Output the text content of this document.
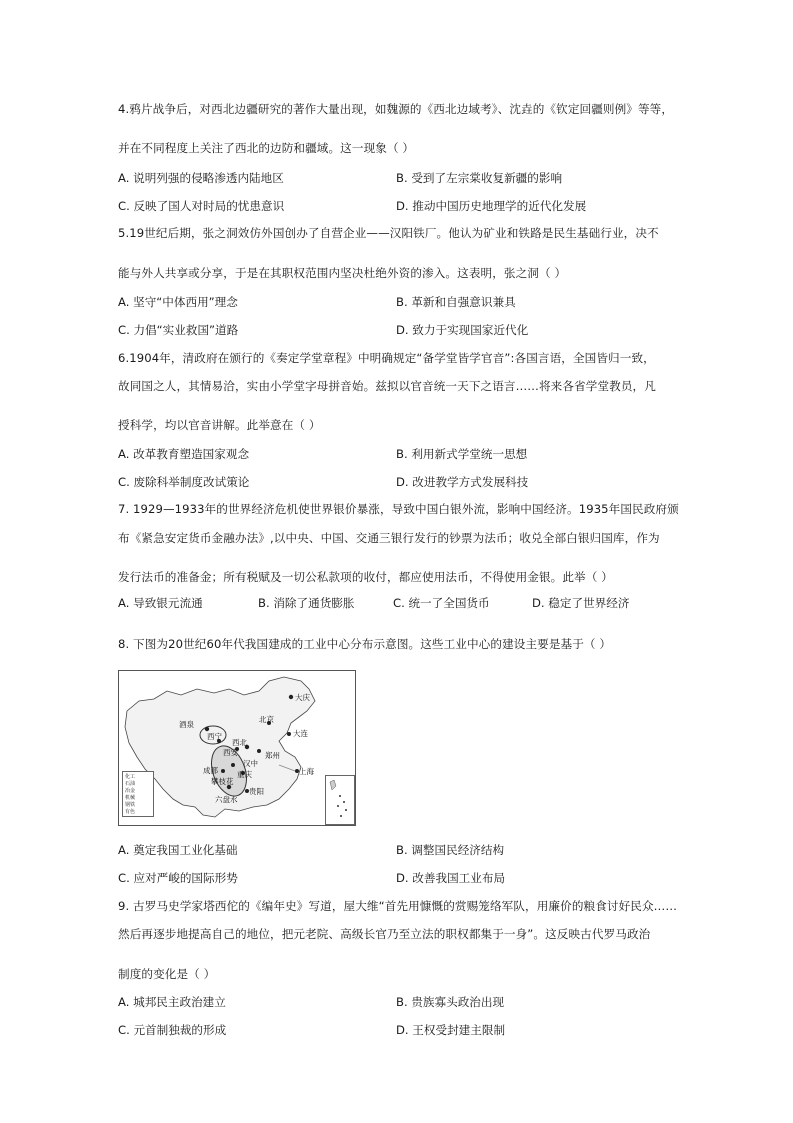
4.鸦片战争后，对西北边疆研究的著作大量出现，如魏源的《西北边域考》、沈垚的《钦定回疆则例》等等，
并在不同程度上关注了西北的边防和疆域。这一现象（ ）
A. 说明列强的侵略渗透内陆地区	B. 受到了左宗棠收复新疆的影响
C. 反映了国人对时局的忧患意识	D. 推动中国历史地理学的近代化发展
5.19世纪后期，张之洞效仿外国创办了自营企业——汉阳铁厂。他认为矿业和铁路是民生基础行业，决不
能与外人共享或分享，于是在其职权范围内坚决杜绝外资的渗入。这表明，张之洞（ ）
A. 坚守“中体西用”理念	B. 革新和自强意识兼具
C. 力倡“实业救国”道路	D. 致力于实现国家近代化
6.1904年，清政府在颁行的《奏定学堂章程》中明确规定“备学堂皆学官音”:各国言语，全国皆归一致，
故同国之人，其情易洽，实由小学堂字母拼音始。兹拟以官音统一天下之语言……将来各省学堂教员，凡
授科学，均以官音讲解。此举意在（ ）
A. 改革教育塑造国家观念	B. 利用新式学堂统一思想
C. 废除科举制度改试策论	D. 改进教学方式发展科技
7. 1929—1933年的世界经济危机使世界银价暴涨，导致中国白银外流，影响中国经济。1935年国民政府颁
布《紧急安定货币金融办法》,以中央、中国、交通三银行发行的钞票为法币；收兑全部白银归国库，作为
发行法币的准备金；所有税赋及一切公私款项的收付，都应使用法币，不得使用金银。此举（ ）
A. 导致银元流通	B. 消除了通货膨胀	C. 统一了全国货币	D. 稳定了世界经济
8. 下图为20世纪60年代我国建成的工业中心分布示意图。这些工业中心的建设主要是基于（ ）
大庆
北京
大连
酒泉
西宁
西北
西安	郑州
汉中
成都	重庆	上海
攀枝花
贵阳
六盘水
化工
石油
冶金
机械
钢铁
有色
A. 奠定我国工业化基础	B. 调整国民经济结构
C. 应对严峻的国际形势	D. 改善我国工业布局
9. 古罗马史学家塔西佗的《编年史》写道，屋大维“首先用慷慨的赏赐笼络军队，用廉价的粮食讨好民众……
然后再逐步地提高自己的地位，把元老院、高级长官乃至立法的职权都集于一身”。这反映古代罗马政治
制度的变化是（ ）
A. 城邦民主政治建立	B. 贵族寡头政治出现
C. 元首制独裁的形成	D. 王权受封建主限制
